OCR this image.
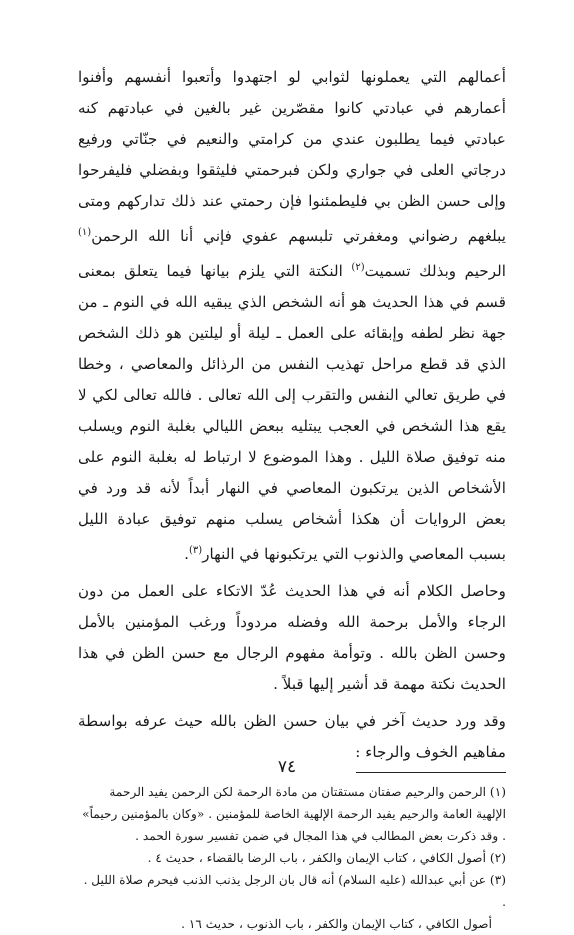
أعمالهم التي يعملونها لثوابي لو اجتهدوا وأتعبوا أنفسهم وأفنوا أعمارهم في عبادتي كانوا مقصّرين غير بالغين في عبادتهم كنه عبادتي فيما يطلبون عندي من كرامتي والنعيم في جنّاتي ورفيع درجاتي العلى في جواري ولكن فبرحمتي فليثقوا وبفضلي فليفرحوا وإلى حسن الظن بي فليطمئنوا فإن رحمتي عند ذلك تداركهم ومتى يبلغهم رضواني ومغفرتي تلبسهم عفوي فإني أنا الله الرحمن$^{(١)}$ الرحيم وبذلك تسميت$^{(٢)}$ النكتة التي يلزم بيانها فيما يتعلق بمعنى قسم في هذا الحديث هو أنه الشخص الذي يبقيه الله في النوم ـ من جهة نظر لطفه وإبقائه على العمل ـ ليلة أو ليلتين هو ذلك الشخص الذي قد قطع مراحل تهذيب النفس من الرذائل والمعاصي ، وخطا في طريق تعالي النفس والتقرب إلى الله تعالى . فالله تعالى لكي لا يقع هذا الشخص في العجب يبتليه ببعض الليالي بغلبة النوم ويسلب منه توفيق صلاة الليل . وهذا الموضوع لا ارتباط له بغلبة النوم على الأشخاص الذين يرتكبون المعاصي في النهار أبداً لأنه قد ورد في بعض الروايات أن هكذا أشخاص يسلب منهم توفيق عبادة الليل بسبب المعاصي والذنوب التي يرتكبونها في النهار$^{(٣)}$.

وحاصل الكلام أنه في هذا الحديث عُدّ الاتكاء على العمل من دون الرجاء والأمل برحمة الله وفضله مردوداً ورغب المؤمنين بالأمل وحسن الظن بالله . وتوأمة مفهوم الرجال مع حسن الظن في هذا الحديث نكتة مهمة قد أشير إليها قبلاً .

وقد ورد حديث آخر في بيان حسن الظن بالله حيث عرفه بواسطة مفاهيم الخوف والرجاء :

(١) الرحمن والرحيم صفتان مستقتان من مادة الرحمة لكن الرحمن يفيد الرحمة الإلهية العامة والرحيم يفيد الرحمة الإلهية الخاصة للمؤمنين . «وكان بالمؤمنين رحيماً» . وقد ذكرت بعض المطالب في هذا المجال في ضمن تفسير سورة الحمد .

(٢) أصول الكافي ، كتاب الإيمان والكفر ، باب الرضا بالقضاء ، حديث ٤ .

(٣) عن أبي عبدالله (عليه السلام) أنه قال بان الرجل يذنب الذنب فيحرم صلاة الليل . .

أصول الكافي ، كتاب الإيمان والكفر ، باب الذنوب ، حديث ١٦ .

٧٤
